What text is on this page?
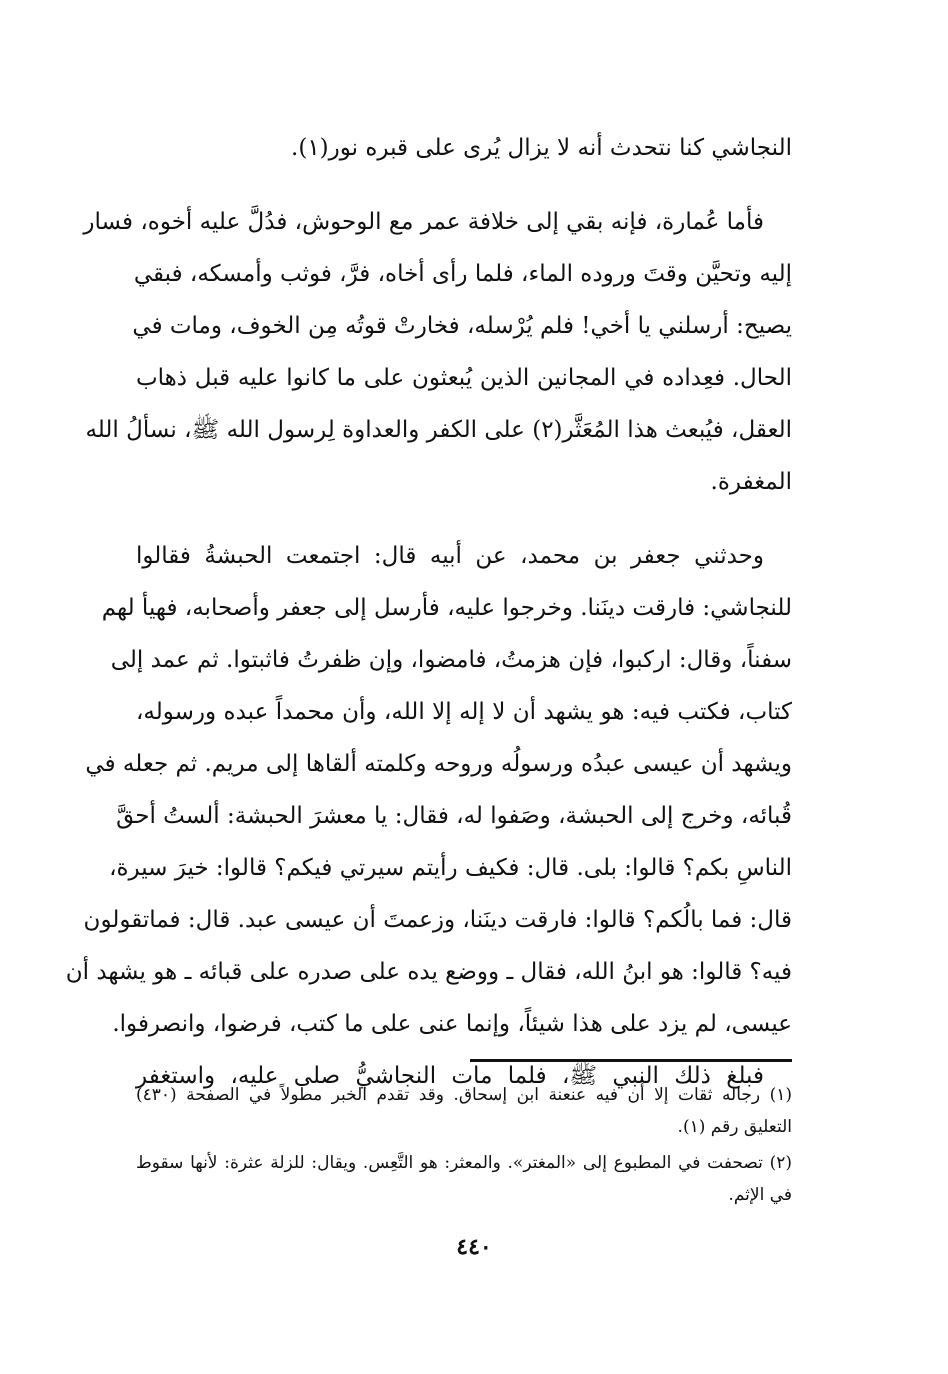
النجاشي كنا نتحدث أنه لا يزال يُرى على قبره نور(١).
فأما عُمارة، فإنه بقي إلى خلافة عمر مع الوحوش، فدُلَّ عليه أخوه، فسار
إليه وتحيَّن وقتَ وروده الماء، فلما رأى أخاه، فرَّ، فوثب وأمسكه، فبقي
يصيح: أرسلني يا أخي! فلم يُرْسله، فخارتْ قوتُه مِن الخوف، ومات في
الحال. فعِداده في المجانين الذين يُبعثون على ما كانوا عليه قبل ذهاب
العقل، فيُبعث هذا المُعَثَّر(٢) على الكفر والعداوة لِرسول الله ﷺ، نسألُ الله
المغفرة.
وحدثني جعفر بن محمد، عن أبيه قال: اجتمعت الحبشةُ فقالوا
للنجاشي: فارقت دينَنا. وخرجوا عليه، فأرسل إلى جعفر وأصحابه، فهيأ لهم
سفناً، وقال: اركبوا، فإن هزمتُ، فامضوا، وإن ظفرتُ فاثبتوا. ثم عمد إلى
كتاب، فكتب فيه: هو يشهد أن لا إله إلا الله، وأن محمداً عبده ورسوله،
ويشهد أن عيسى عبدُه ورسولُه وروحه وكلمته ألقاها إلى مريم. ثم جعله في
قُبائه، وخرج إلى الحبشة، وصَفوا له، فقال: يا معشرَ الحبشة: ألستُ أحقَّ
الناسِ بكم؟ قالوا: بلى. قال: فكيف رأيتم سيرتي فيكم؟ قالوا: خيرَ سيرة،
قال: فما بالُكم؟ قالوا: فارقت دينَنا، وزعمتَ أن عيسى عبد. قال: فماتقولون
فيه؟ قالوا: هو ابنُ الله، فقال ـ ووضع يده على صدره على قبائه ـ هو يشهد أن
عيسى، لم يزد على هذا شيئاً، وإنما عنى على ما كتب، فرضوا، وانصرفوا.
فبلغ ذلك النبي ﷺ، فلما مات النجاشيُّ صلى عليه، واستغفر
(١) رجاله ثقات إلا أن فيه عنعنة ابن إسحاق. وقد تقدم الخبر مطولاً في الصفحة (٤٣٠)
التعليق رقم (١).
(٢) تصحفت في المطبوع إلى «المغتر». والمعثر: هو التَّعِس. ويقال: للزلة عثرة: لأنها سقوط
في الإثم.
٤٤٠
